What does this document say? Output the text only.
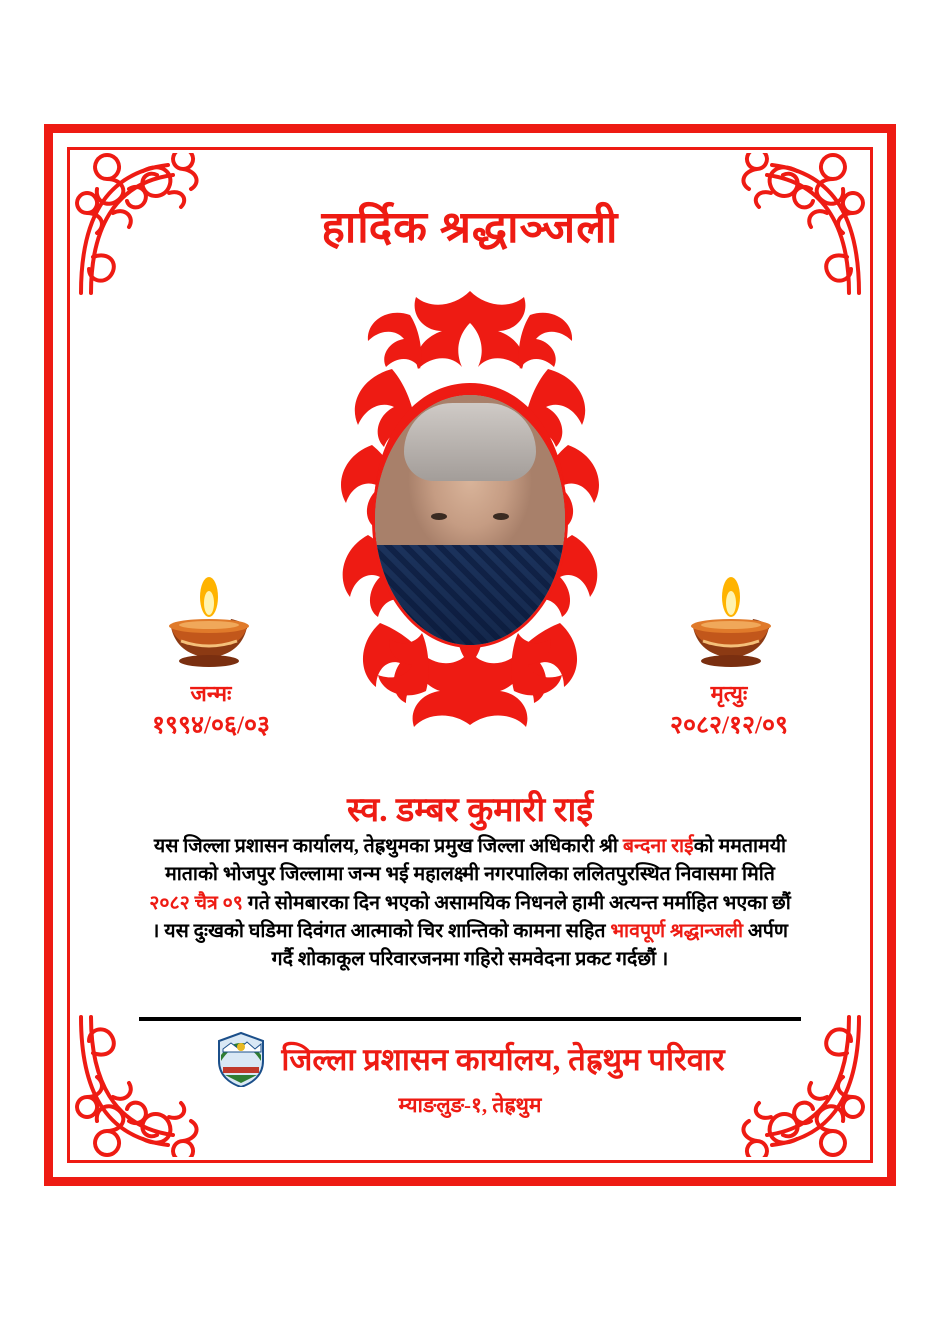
हार्दिक श्रद्धाञ्जली
जन्मः
१९९४/०६/०३
मृत्युः
२०८२/१२/०९
स्व. डम्बर कुमारी राई
यस जिल्ला प्रशासन कार्यालय, तेह्रथुमका प्रमुख जिल्ला अधिकारी श्री बन्दना राईको ममतामयी माताको भोजपुर जिल्लामा जन्म भई महालक्ष्मी नगरपालिका ललितपुरस्थित निवासमा मिति २०८२ चैत्र ०९ गते सोमबारका दिन भएको असामयिक निधनले हामी अत्यन्त मर्माहित भएका छौं । यस दुःखको घडिमा दिवंगत आत्माको चिर शान्तिको कामना सहित भावपूर्ण श्रद्धान्जली अर्पण गर्दै शोकाकूल परिवारजनमा गहिरो समवेदना प्रकट गर्दछौं ।
जिल्ला प्रशासन कार्यालय, तेह्रथुम परिवार
म्याङलुङ-१, तेह्रथुम
